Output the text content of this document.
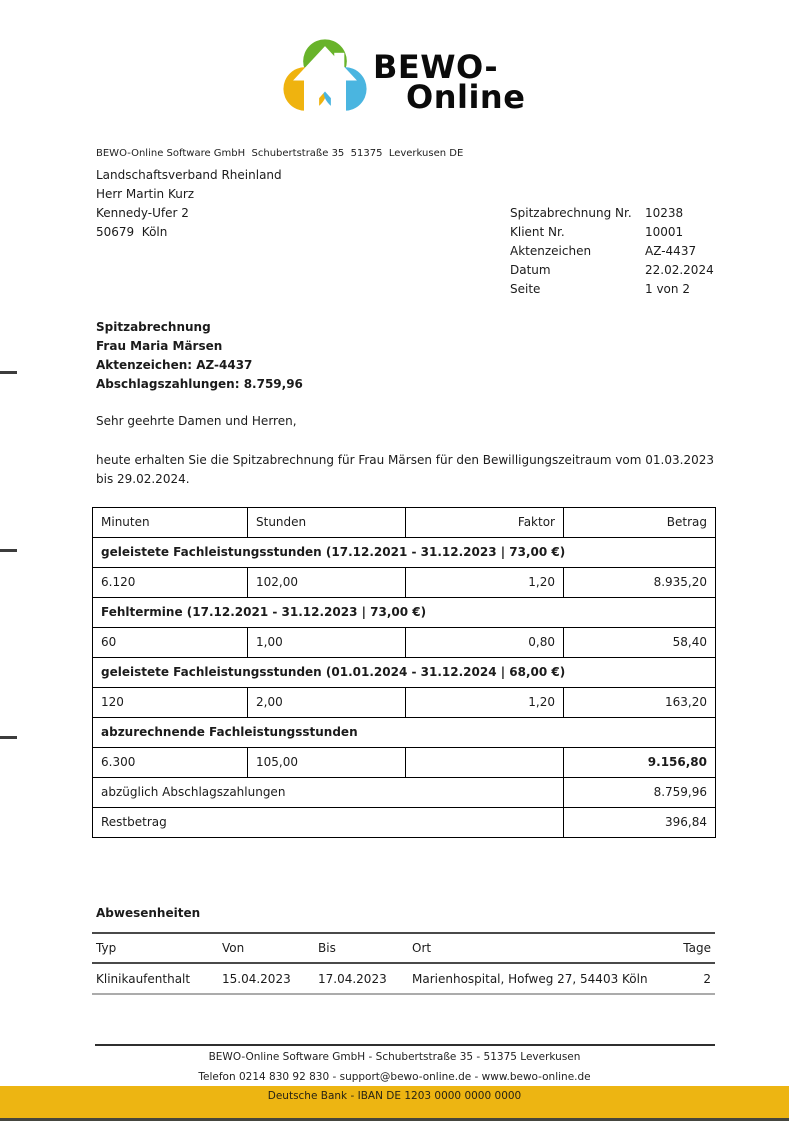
BEWO-
Online
BEWO-Online Software GmbH  Schubertstraße 35  51375  Leverkusen DE
Landschaftsverband Rheinland
Herr Martin Kurz
Kennedy-Ufer 2
50679  Köln
Spitzabrechnung Nr.	10238
Klient Nr.	10001
Aktenzeichen	AZ-4437
Datum	22.02.2024
Seite	1 von 2
Spitzabrechnung
Frau Maria Märsen
Aktenzeichen: AZ-4437
Abschlagszahlungen: 8.759,96
Sehr geehrte Damen und Herren,

heute erhalten Sie die Spitzabrechnung für Frau Märsen für den Bewilligungszeitraum vom 01.03.2023 bis 29.02.2024.

Minuten	Stunden	Faktor	Betrag
geleistete Fachleistungsstunden (17.12.2021 - 31.12.2023 | 73,00 €)			
6.120	102,00	1,20	8.935,20
Fehltermine (17.12.2021 - 31.12.2023 | 73,00 €)			
60	1,00	0,80	58,40
geleistete Fachleistungsstunden (01.01.2024 - 31.12.2024 | 68,00 €)			
120	2,00	1,20	163,20
abzurechnende Fachleistungsstunden			
6.300	105,00		9.156,80
abzüglich Abschlagszahlungen			8.759,96
Restbetrag			396,84
Abwesenheiten
Typ	Von	Bis	Ort	Tage
Klinikaufenthalt	15.04.2023	17.04.2023	Marienhospital, Hofweg 27, 54403 Köln	2
BEWO-Online Software GmbH - Schubertstraße 35 - 51375 Leverkusen
Telefon 0214 830 92 830 - support@bewo-online.de - www.bewo-online.de
Deutsche Bank - IBAN DE 1203 0000 0000 0000
